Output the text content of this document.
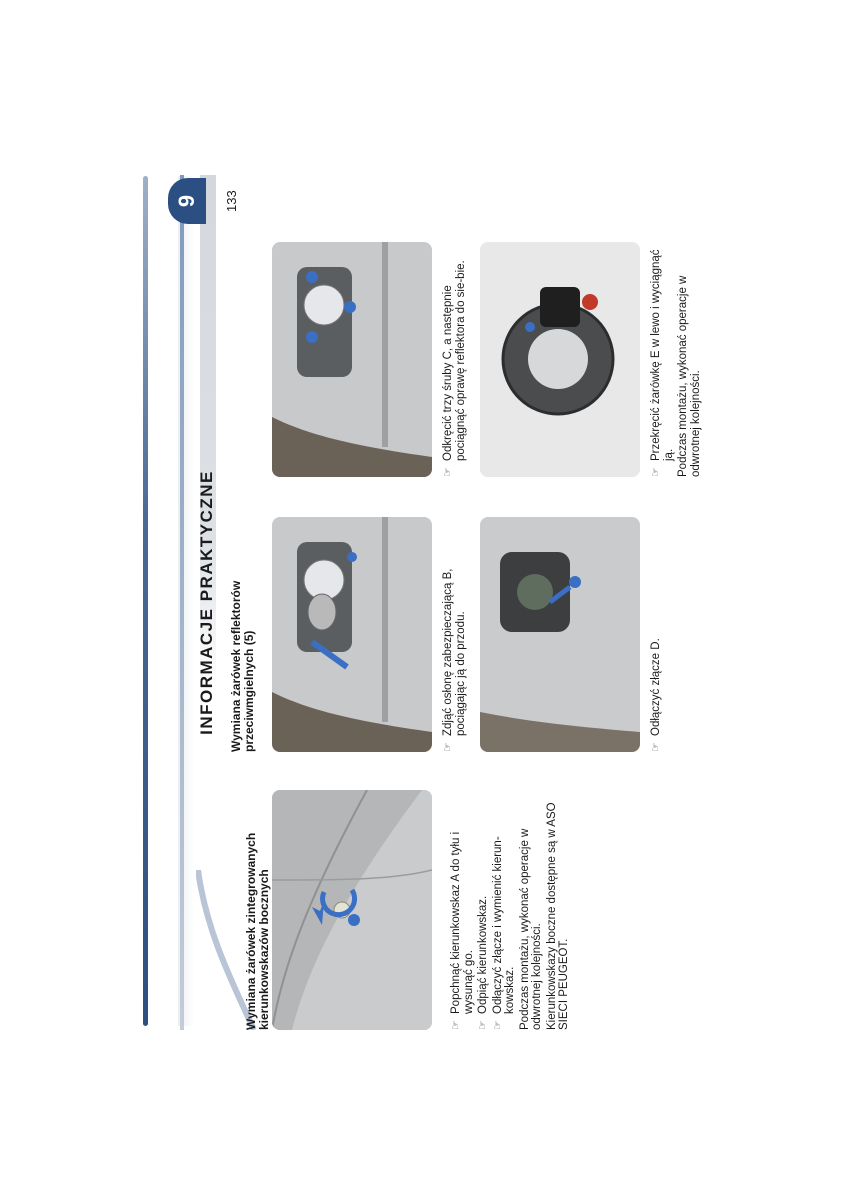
INFORMACJE PRAKTYCZNE
9	133
Wymiana żarówek zintegrowanych kierunkowskazów bocznych	☞
Popchnąć kierunkowskaz A do tyłu i wysunąć go.

☞
Odpiąć kierunkowskaz.

☞
Odłączyć złącze i wymienić kierun-kowskaz. Podczas montażu, wykonać operacje w odwrotnej kolejności. Kierunkowskazy boczne dostępne są w ASO SIECI PEUGEOT.

Wymiana żarówek reflektorów przeciwmgielnych (5)	☞
Zdjąć osłonę zabezpieczającą B, pociągając ją do przodu.

☞
Odkręcić trzy śruby C, a następnie pociągnąć oprawę reflektora do sie-bie.

☞
Odłączyć złącze D.

☞
Przekręcić żarówkę E w lewo i wyciągnąć ją. Podczas montażu, wykonać operacje w odwrotnej kolejności.
